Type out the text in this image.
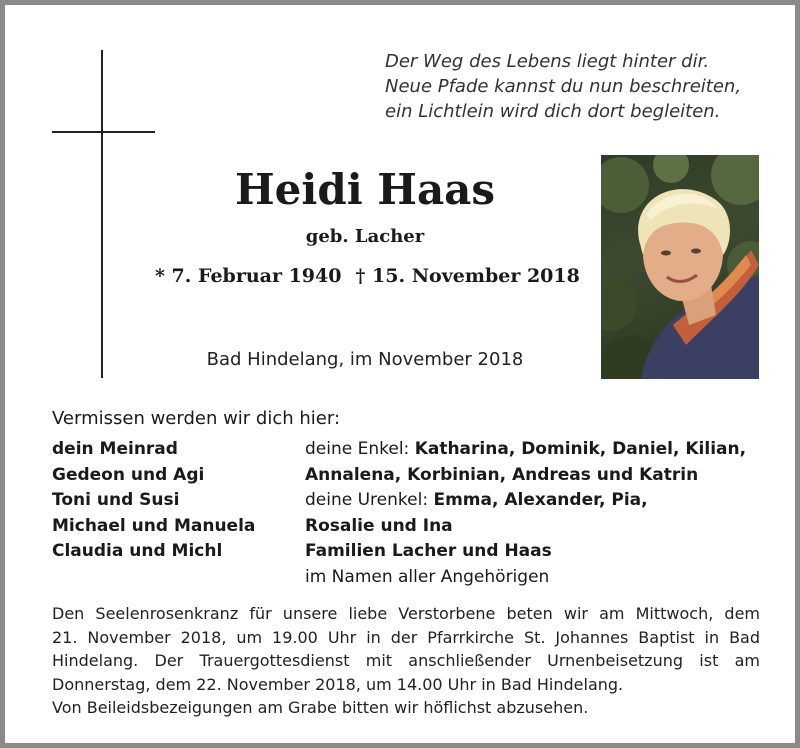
Der Weg des Lebens liegt hinter dir.
Neue Pfade kannst du nun beschreiten,
ein Lichtlein wird dich dort begleiten.
Heidi Haas
geb. Lacher
* 7. Februar 1940 † 15. November 2018
Bad Hindelang, im November 2018
Vermissen werden wir dich hier:
dein Meinrad
Gedeon und Agi
Toni und Susi
Michael und Manuela
Claudia und Michl
deine Enkel: Katharina, Dominik, Daniel, Kilian,
Annalena, Korbinian, Andreas und Katrin
deine Urenkel: Emma, Alexander, Pia,
Rosalie und Ina
Familien Lacher und Haas
im Namen aller Angehörigen
Den Seelenrosenkranz für unsere liebe Verstorbene beten wir am Mittwoch, dem
21. November 2018, um 19.00 Uhr in der Pfarrkirche St. Johannes Baptist in Bad
Hindelang. Der Trauergottesdienst mit anschließender Urnenbeisetzung ist am
Donnerstag, dem 22. November 2018, um 14.00 Uhr in Bad Hindelang.
Von Beileidsbezeigungen am Grabe bitten wir höflichst abzusehen.
